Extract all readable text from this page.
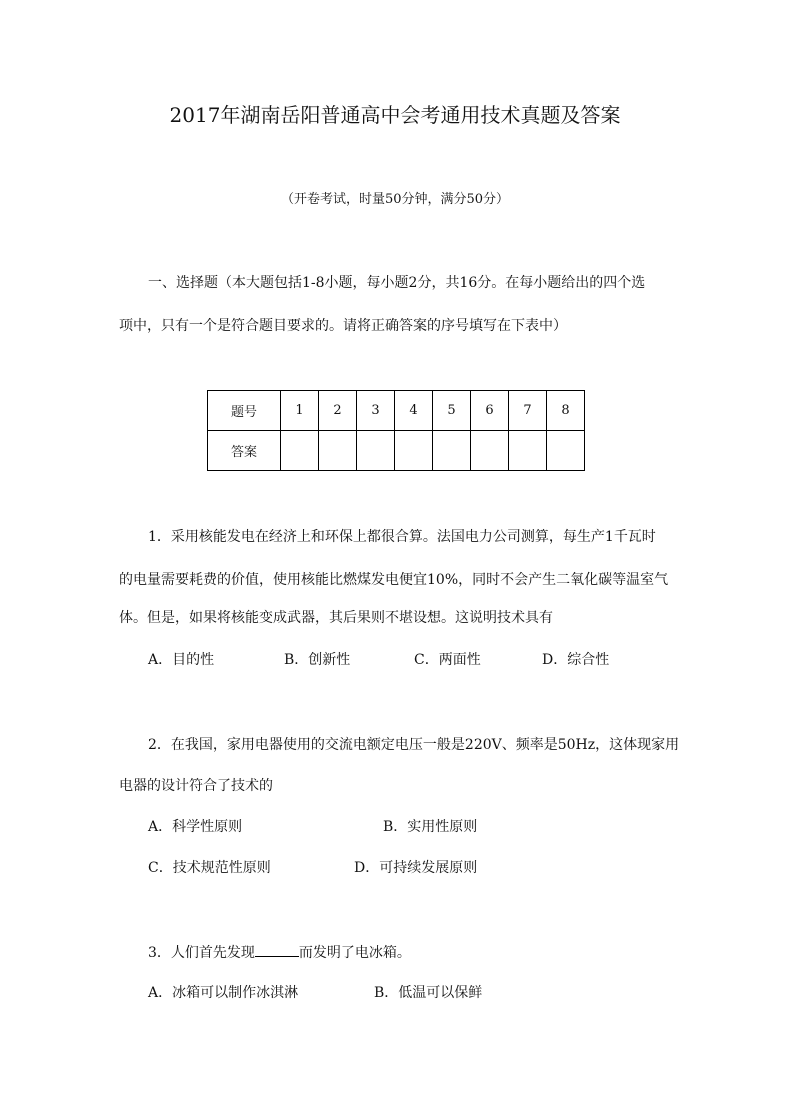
2017年湖南岳阳普通高中会考通用技术真题及答案
（开卷考试，时量50分钟，满分50分）
一、选择题（本大题包括1-8小题，每小题2分，共16分。在每小题给出的四个选
项中，只有一个是符合题目要求的。请将正确答案的序号填写在下表中）
题号	1	2	3	4	5	6	7	8
答案								
1．采用核能发电在经济上和环保上都很合算。法国电力公司测算，每生产1千瓦时
的电量需要耗费的价值，使用核能比燃煤发电便宜10%，同时不会产生二氧化碳等温室气
体。但是，如果将核能变成武器，其后果则不堪设想。这说明技术具有
A．目的性	B．创新性	C．两面性	D．综合性
2．在我国，家用电器使用的交流电额定电压一般是220V、频率是50Hz，这体现家用
电器的设计符合了技术的
A．科学性原则	B．实用性原则
C．技术规范性原则	D．可持续发展原则
3．人们首先发现	而发明了电冰箱。
A．冰箱可以制作冰淇淋	B．低温可以保鲜
